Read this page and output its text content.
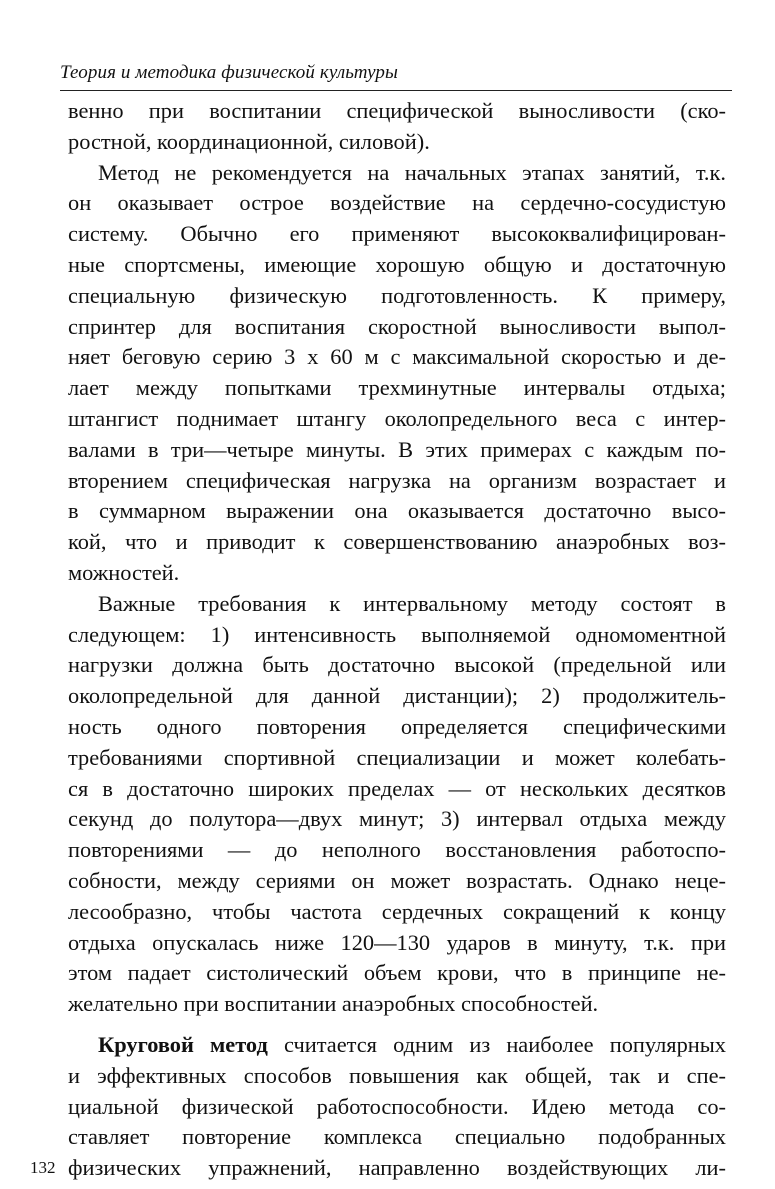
Теория и методика физической культуры
венно при воспитании специфической выносливости (ско-
ростной, координационной, силовой).
Метод не рекомендуется на начальных этапах занятий, т.к.
он оказывает острое воздействие на сердечно-сосудистую
систему. Обычно его применяют высококвалифицирован-
ные спортсмены, имеющие хорошую общую и достаточную
специальную физическую подготовленность. К примеру,
спринтер для воспитания скоростной выносливости выпол-
няет беговую серию 3 х 60 м с максимальной скоростью и де-
лает между попытками трехминутные интервалы отдыха;
штангист поднимает штангу околопредельного веса с интер-
валами в три—четыре минуты. В этих примерах с каждым по-
вторением специфическая нагрузка на организм возрастает и
в суммарном выражении она оказывается достаточно высо-
кой, что и приводит к совершенствованию анаэробных воз-
можностей.
Важные требования к интервальному методу состоят в
следующем: 1) интенсивность выполняемой одномоментной
нагрузки должна быть достаточно высокой (предельной или
околопредельной для данной дистанции); 2) продолжитель-
ность одного повторения определяется специфическими
требованиями спортивной специализации и может колебать-
ся в достаточно широких пределах — от нескольких десятков
секунд до полутора—двух минут; 3) интервал отдыха между
повторениями — до неполного восстановления работоспо-
собности, между сериями он может возрастать. Однако неце-
лесообразно, чтобы частота сердечных сокращений к концу
отдыха опускалась ниже 120—130 ударов в минуту, т.к. при
этом падает систолический объем крови, что в принципе не-
желательно при воспитании анаэробных способностей.
Круговой метод считается одним из наиболее популярных
и эффективных способов повышения как общей, так и спе-
циальной физической работоспособности. Идею метода со-
ставляет повторение комплекса специально подобранных
физических упражнений, направленно воздействующих ли-
132
